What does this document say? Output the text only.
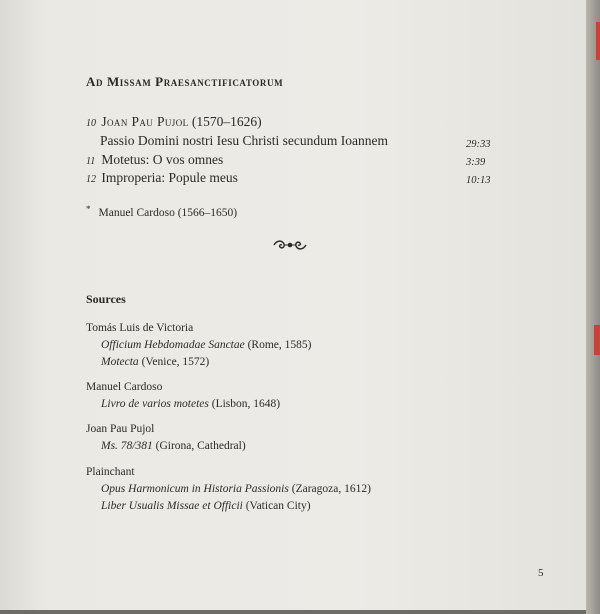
Ad Missam Praesanctificatorum
10 Joan Pau Pujol (1570–1626)
Passio Domini nostri Iesu Christi secundum Ioannem	29:33
11 Motetus: O vos omnes	3:39
12 Improperia: Popule meus	10:13
* Manuel Cardoso (1566–1650)
Sources
Tomás Luis de Victoria
Officium Hebdomadae Sanctae (Rome, 1585)
Motecta (Venice, 1572)
Manuel Cardoso
Livro de varios motetes (Lisbon, 1648)
Joan Pau Pujol
Ms. 78/381 (Girona, Cathedral)
Plainchant
Opus Harmonicum in Historia Passionis (Zaragoza, 1612)
Liber Usualis Missae et Officii (Vatican City)
5
